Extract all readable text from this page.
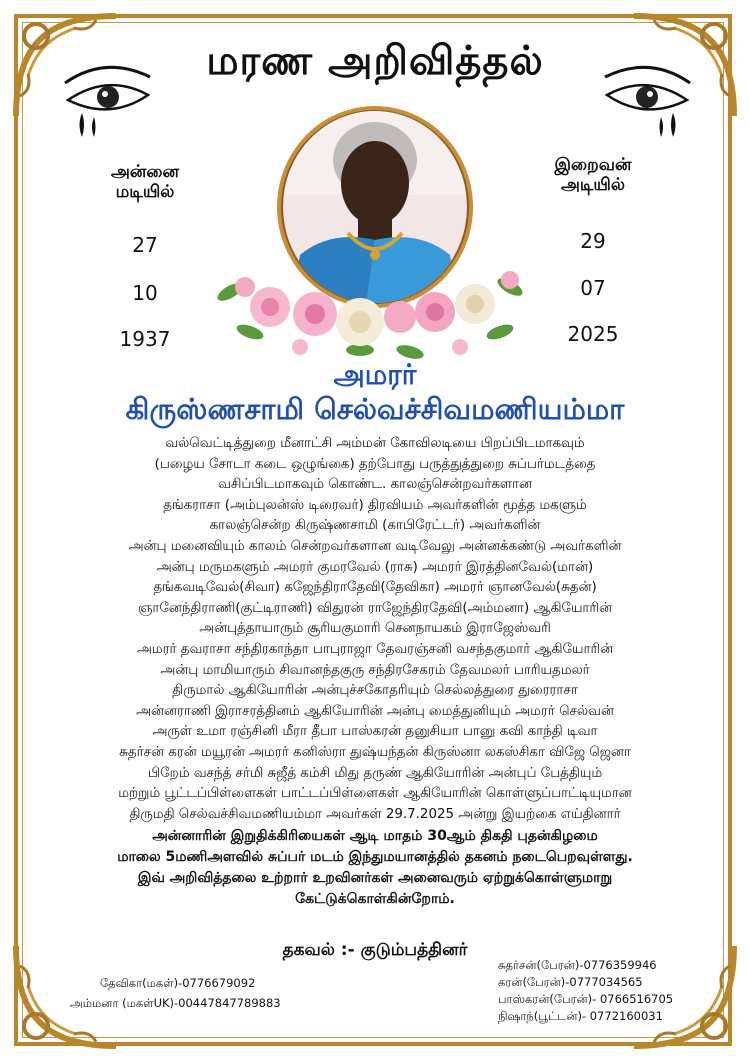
மரண அறிவித்தல்
அன்னை
மடியில்
27
10
1937
இறைவன்
அடியில்
29
07
2025
அமரர்
கிருஸ்ணசாமி செல்வச்சிவமணியம்மா
வல்வெட்டித்துறை மீனாட்சி அம்மன் கோவிலடியை பிறப்பிடமாகவும்
(பழைய சோடா கடை ஒழுங்கை) தற்போது பருத்துத்துறை சுப்பர்மடத்தை
வசிப்பிடமாகவும் கொண்ட. காலஞ்சென்றவர்களான
தங்கராசா (அம்புலன்ஸ் டிரைவர்) திரவியம் அவர்களின் மூத்த மகளும்
காலஞ்சென்ற கிருஷ்ணசாமி (காபிரேட்டர்) அவர்களின்
அன்பு மனைவியும் காலம் சென்றவர்களான வடிவேலு அன்னக்கண்டு அவர்களின்
அன்பு மருமகளும் அமரர் குமரவேல் (ராசு) அமரர் இரத்தினவேல்(மான்)
தங்கவடிவேல்(சிவா) கஜேந்திராதேவி(தேவிகா) அமரர் ஞானவேல்(சுதன்)
ஞானேந்திராணி(குட்டிராணி) விதுரன் ராஜேந்திரதேவி(அம்மனா) ஆகியோரின்
அன்புத்தாயாரும் சூரியகுமாரி செனநாயகம் இராஜேஸ்வரி
அமரர் தவராசா சந்திரகாந்தா பாபுராஜா தேவரஞ்சனி வசந்தகுமார் ஆகியோரின்
அன்பு மாமியாரும் சிவானந்தகுரு சந்திரசேகரம் தேவமலர் பாரியதமலர்
திருமால் ஆகியோரின் அன்புச்சகோதரியும் செல்லத்துரை துரைராசா
அன்னராணி இராசரத்தினம் ஆகியோரின் அன்பு மைத்துனியும் அமரர் செல்வன்
அருள் உமா ரஞ்சினி மீரா தீபா பாஸ்கரன் தனுசியா பானு கவி காந்தி டிவா
சுதர்சன் கரன் மயூரன் அமரர் கனிஸ்ரா துஷ்யந்தன் கிருஸ்னா லகஸ்சிகா விஜே ஜெனா
பிறேம் வசந்த் சர்மி சுஜீத் கம்சி மிது தருண் ஆகியோரின் அன்புப் பேத்தியும்
மற்றும் பூட்டப்பிள்ளைகள் பாட்டப்பிள்ளைகள் ஆகியோரின் கொள்ளுப்பாட்டியுமான
திருமதி செல்வச்சிவமணியம்மா அவர்கள் 29.7.2025 அன்று இயற்கை எய்தினார்
அன்னாரின் இறுதிக்கிரியைகள் ஆடி மாதம் 30ஆம் திகதி புதன்கிழமை
மாலை 5மணிஅளவில் சுப்பர் மடம் இந்துமயானத்தில் தகனம் நடைபெறவுள்ளது.
இவ் அறிவித்தலை உற்றார் உறவினர்கள் அனைவரும் ஏற்றுக்கொள்ளுமாறு
கேட்டுக்கொள்கின்றோம்.
தகவல் :- குடும்பத்தினர்
தேவிகா(மகள்)-0776679092
அம்மனா (மகள்UK)-00447847789883
சுதர்சன்(பேரன்)-0776359946
கரன்(பேரன்)-0777034565
பாஸ்கரன்(பேரன்)- 0766516705
நிஷாந்(பூட்டன்)- 0772160031
